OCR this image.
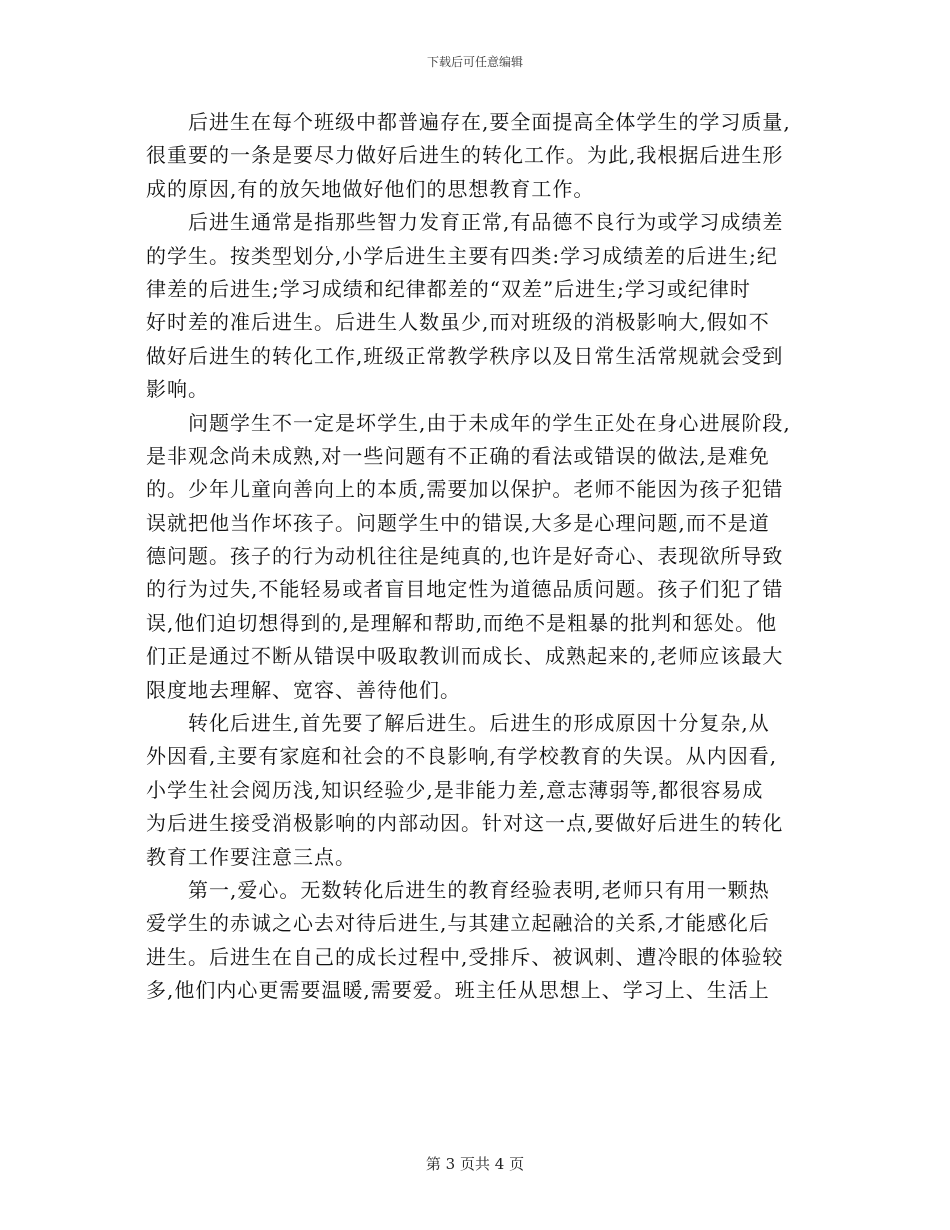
下载后可任意编辑
后进生在每个班级中都普遍存在,要全面提高全体学生的学习质量,
很重要的一条是要尽力做好后进生的转化工作。为此,我根据后进生形
成的原因,有的放矢地做好他们的思想教育工作。
后进生通常是指那些智力发育正常,有品德不良行为或学习成绩差
的学生。按类型划分,小学后进生主要有四类:学习成绩差的后进生;纪
律差的后进生;学习成绩和纪律都差的“双差”后进生;学习或纪律时
好时差的准后进生。后进生人数虽少,而对班级的消极影响大,假如不
做好后进生的转化工作,班级正常教学秩序以及日常生活常规就会受到
影响。
问题学生不一定是坏学生,由于未成年的学生正处在身心进展阶段,
是非观念尚未成熟,对一些问题有不正确的看法或错误的做法,是难免
的。少年儿童向善向上的本质,需要加以保护。老师不能因为孩子犯错
误就把他当作坏孩子。问题学生中的错误,大多是心理问题,而不是道
德问题。孩子的行为动机往往是纯真的,也许是好奇心、表现欲所导致
的行为过失,不能轻易或者盲目地定性为道德品质问题。孩子们犯了错
误,他们迫切想得到的,是理解和帮助,而绝不是粗暴的批判和惩处。他
们正是通过不断从错误中吸取教训而成长、成熟起来的,老师应该最大
限度地去理解、宽容、善待他们。
转化后进生,首先要了解后进生。后进生的形成原因十分复杂,从
外因看,主要有家庭和社会的不良影响,有学校教育的失误。从内因看,
小学生社会阅历浅,知识经验少,是非能力差,意志薄弱等,都很容易成
为后进生接受消极影响的内部动因。针对这一点,要做好后进生的转化
教育工作要注意三点。
第一,爱心。无数转化后进生的教育经验表明,老师只有用一颗热
爱学生的赤诚之心去对待后进生,与其建立起融洽的关系,才能感化后
进生。后进生在自己的成长过程中,受排斥、被讽刺、遭冷眼的体验较
多,他们内心更需要温暖,需要爱。班主任从思想上、学习上、生活上
第 3 页共 4 页
